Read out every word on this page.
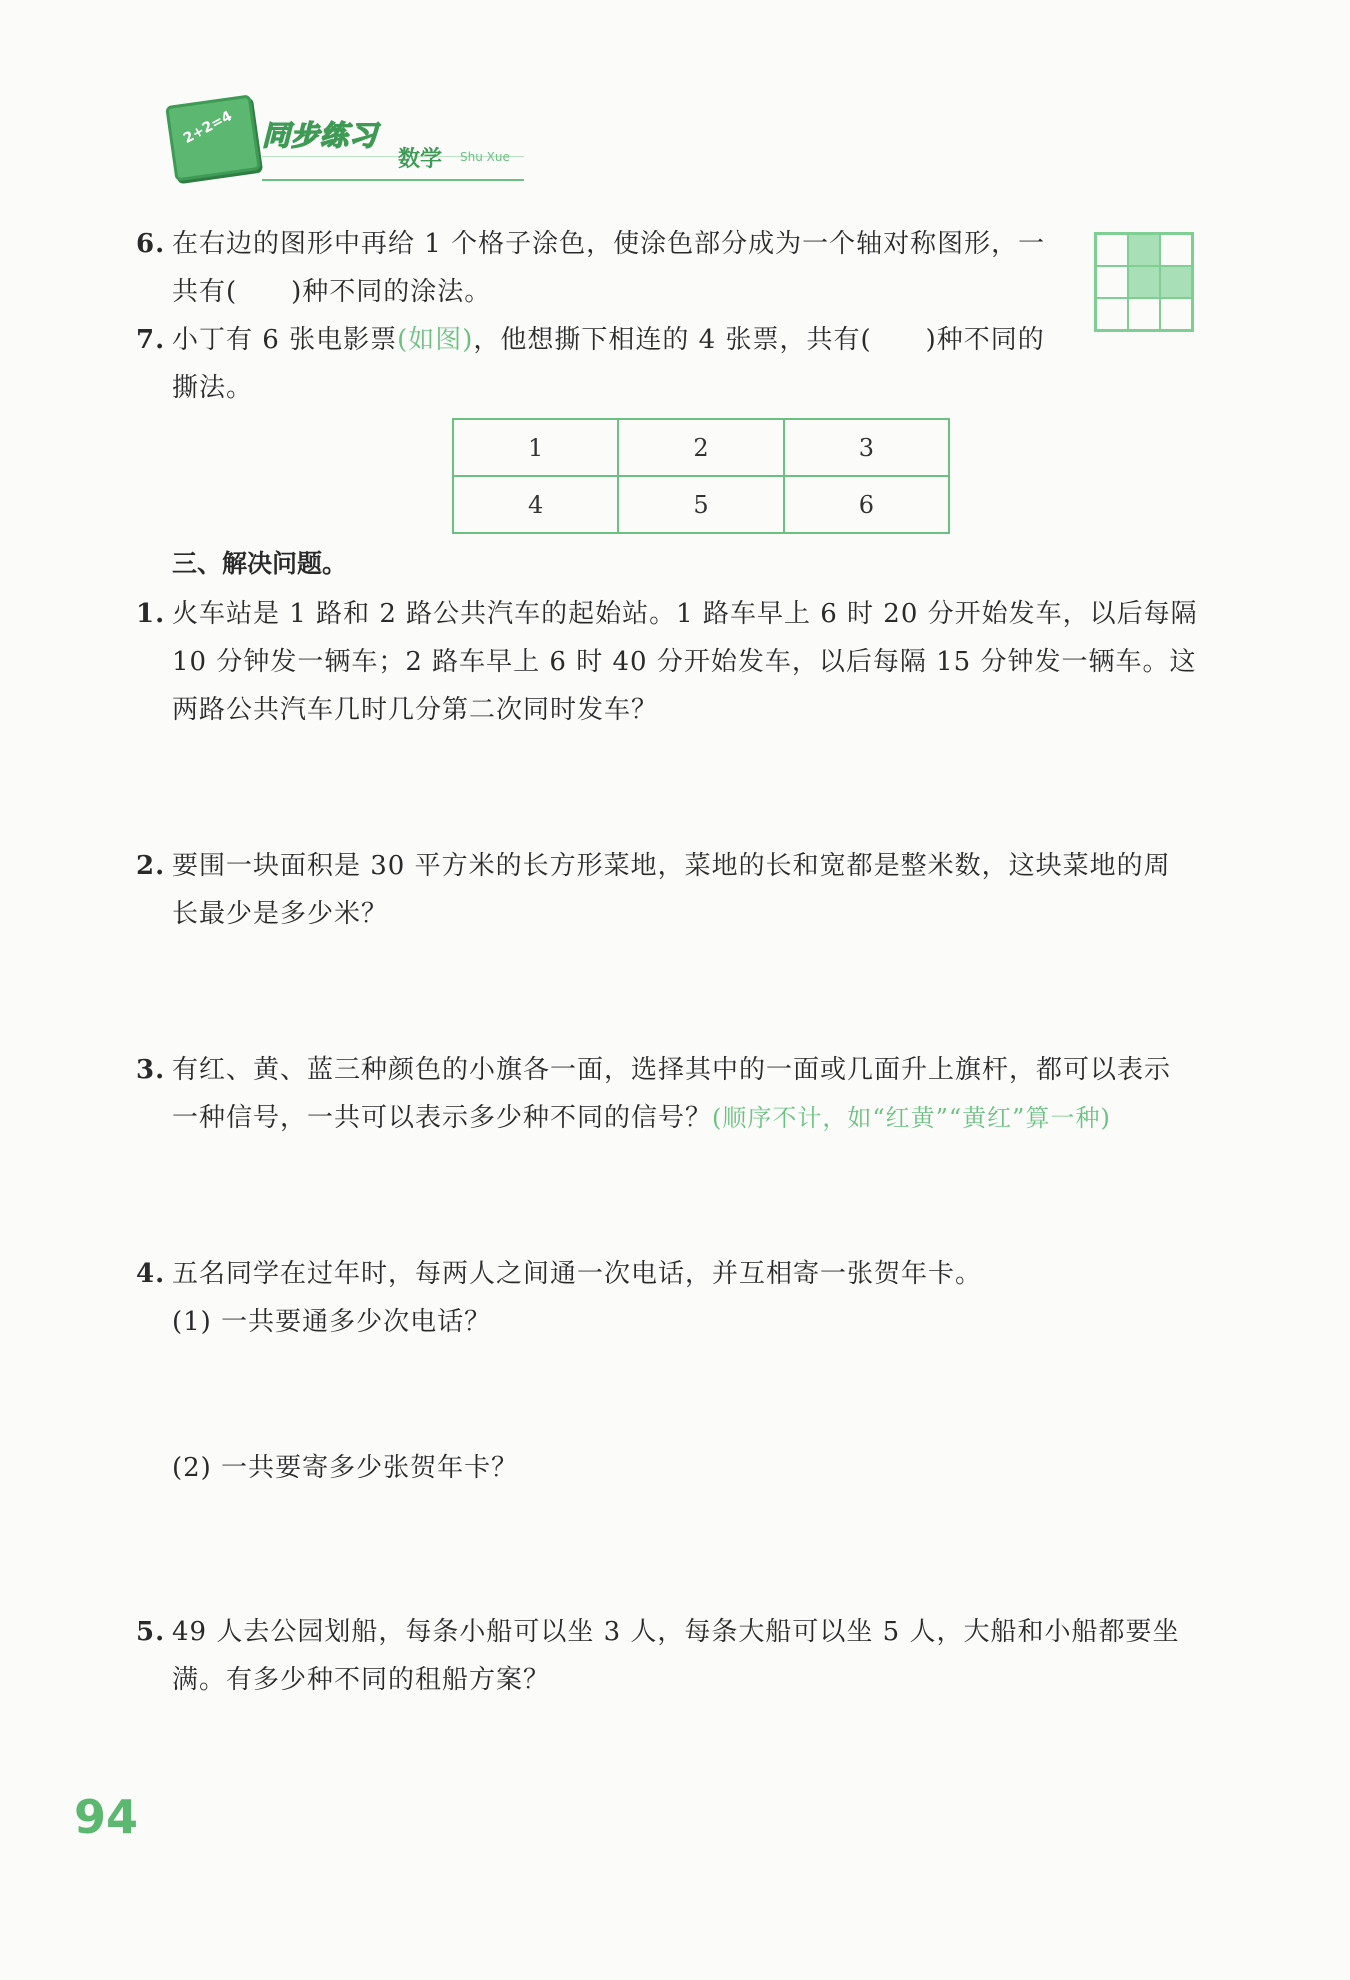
2+2=4 同步练习
数学 Shu Xue
6. 在右边的图形中再给 1 个格子涂色，使涂色部分成为一个轴对称图形，一
共有(　　)种不同的涂法。
7. 小丁有 6 张电影票(如图)，他想撕下相连的 4 张票，共有(　　)种不同的
撕法。
1	2	3
4	5	6
三、解决问题。
1. 火车站是 1 路和 2 路公共汽车的起始站。1 路车早上 6 时 20 分开始发车，以后每隔
10 分钟发一辆车；2 路车早上 6 时 40 分开始发车，以后每隔 15 分钟发一辆车。这
两路公共汽车几时几分第二次同时发车？
2. 要围一块面积是 30 平方米的长方形菜地，菜地的长和宽都是整米数，这块菜地的周
长最少是多少米？
3. 有红、黄、蓝三种颜色的小旗各一面，选择其中的一面或几面升上旗杆，都可以表示
一种信号，一共可以表示多少种不同的信号？(顺序不计，如“红黄”“黄红”算一种)
4. 五名同学在过年时，每两人之间通一次电话，并互相寄一张贺年卡。
(1) 一共要通多少次电话？
(2) 一共要寄多少张贺年卡？
5. 49 人去公园划船，每条小船可以坐 3 人，每条大船可以坐 5 人，大船和小船都要坐
满。有多少种不同的租船方案？
94
